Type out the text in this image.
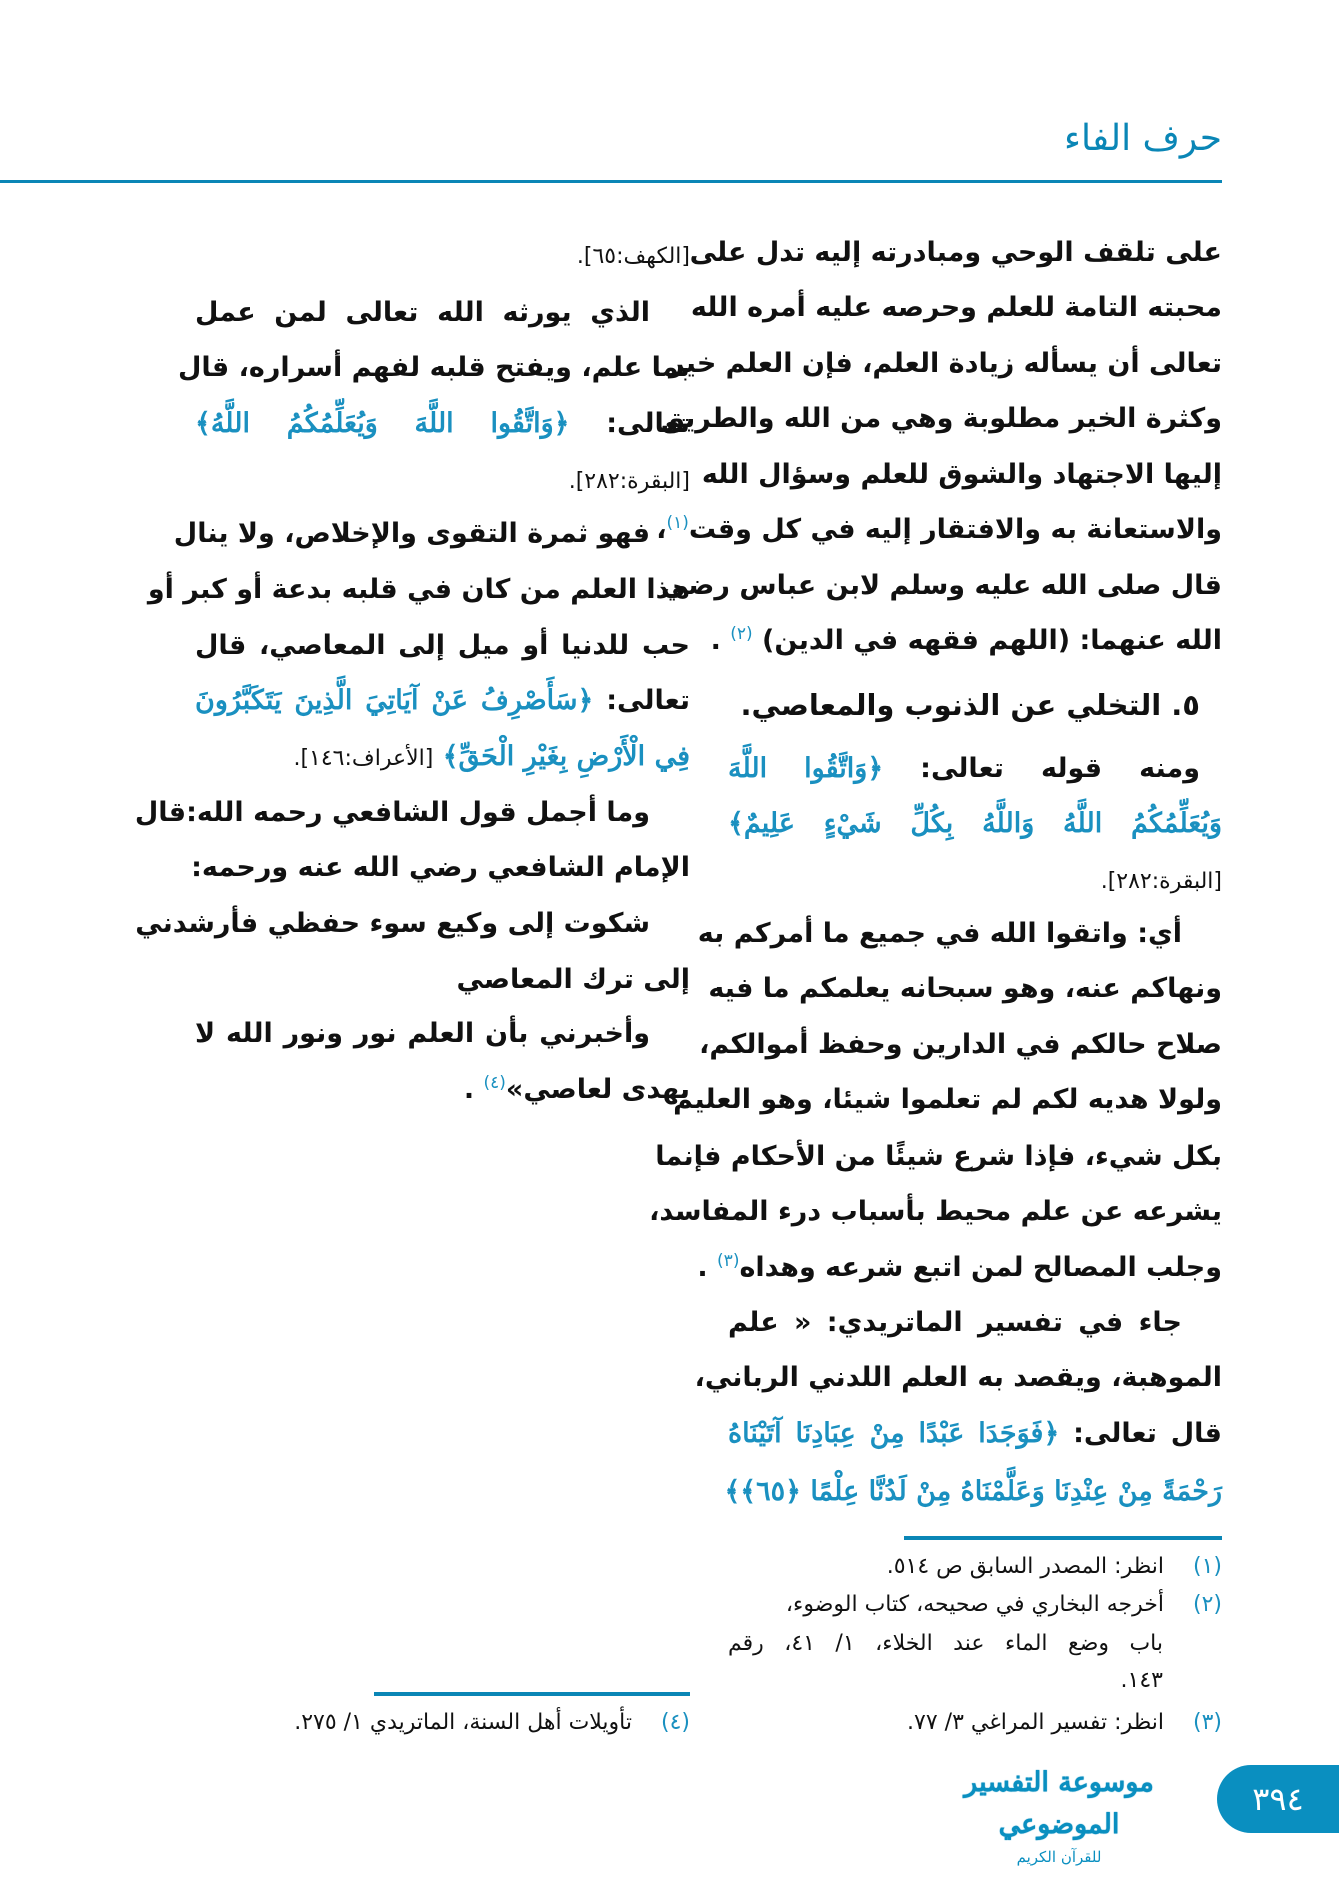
حرف الفاء
على تلقف الوحي ومبادرته إليه تدل على
محبته التامة للعلم وحرصه عليه أمره الله
تعالى أن يسأله زيادة العلم، فإن العلم خير
وكثرة الخير مطلوبة وهي من الله والطريق
إليها الاجتهاد والشوق للعلم وسؤال الله
والاستعانة به والافتقار إليه في كل وقت$^{(١)}$،
قال صلى الله عليه وسلم لابن عباس رضي
الله عنهما: (اللهم فقهه في الدين) $^{(٢)}$ .
٥. التخلي عن الذنوب والمعاصي.
ومنه قوله تعالى: ﴿وَاتَّقُوا اللَّهَ
وَيُعَلِّمُكُمُ اللَّهُ وَاللَّهُ بِكُلِّ شَيْءٍ عَلِيمٌ﴾
[البقرة:٢٨٢].
أي: واتقوا الله في جميع ما أمركم به
ونهاكم عنه، وهو سبحانه يعلمكم ما فيه
صلاح حالكم في الدارين وحفظ أموالكم،
ولولا هديه لكم لم تعلموا شيئا، وهو العليم
بكل شيء، فإذا شرع شيئًا من الأحكام فإنما
يشرعه عن علم محيط بأسباب درء المفاسد،
وجلب المصالح لمن اتبع شرعه وهداه$^{(٣)}$ .
جاء في تفسير الماتريدي: « علم
الموهبة، ويقصد به العلم اللدني الرباني،
قال تعالى: ﴿فَوَجَدَا عَبْدًا مِنْ عِبَادِنَا آتَيْنَاهُ
رَحْمَةً مِنْ عِنْدِنَا وَعَلَّمْنَاهُ مِنْ لَدُنَّا عِلْمًا ﴿٦٥﴾﴾
[الكهف:٦٥].
الذي يورثه الله تعالى لمن عمل
بما علم، ويفتح قلبه لفهم أسراره، قال
تعالى: ﴿وَاتَّقُوا اللَّهَ وَيُعَلِّمُكُمُ اللَّهُ﴾
[البقرة:٢٨٢].
فهو ثمرة التقوى والإخلاص، ولا ينال
هذا العلم من كان في قلبه بدعة أو كبر أو
حب للدنيا أو ميل إلى المعاصي، قال
تعالى: ﴿سَأَصْرِفُ عَنْ آيَاتِيَ الَّذِينَ يَتَكَبَّرُونَ
فِي الْأَرْضِ بِغَيْرِ الْحَقِّ﴾ [الأعراف:١٤٦].
وما أجمل قول الشافعي رحمه الله:قال
الإمام الشافعي رضي الله عنه ورحمه:
شكوت إلى وكيع سوء حفظي فأرشدني
إلى ترك المعاصي
وأخبرني بأن العلم نور ونور الله لا
يهدى لعاصي»$^{(٤)}$ .
(١)انظر: المصدر السابق ص ٥١٤.
(٢)أخرجه البخاري في صحيحه، كتاب الوضوء،
باب وضع الماء عند الخلاء، ١/ ٤١، رقم
١٤٣.
(٣)انظر: تفسير المراغي ٣/ ٧٧.
(٤)تأويلات أهل السنة، الماتريدي ١/ ٢٧٥.
موسوعة التفسير الموضوعي
للقرآن الكريم
٣٩٤
